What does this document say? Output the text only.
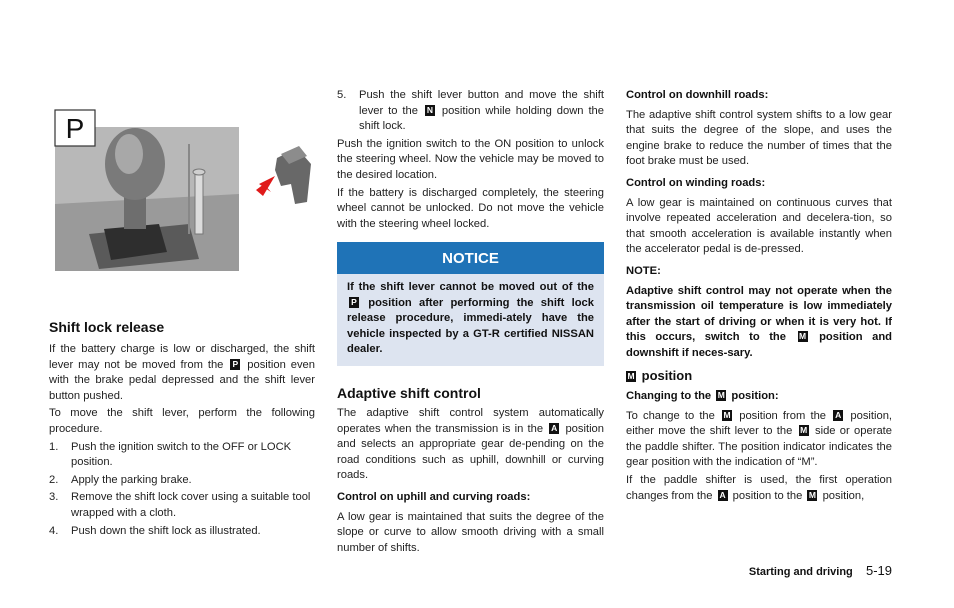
P
Shift lock release

If the battery charge is low or discharged, the shift lever may not be moved from the P position even with the brake pedal depressed and the shift lever button pushed.

To move the shift lever, perform the following procedure.

1. Push the ignition switch to the OFF or LOCK position.
2. Apply the parking brake.
3. Remove the shift lock cover using a suitable tool wrapped with a cloth.
4. Push down the shift lock as illustrated.
5. Push the shift lever button and move the shift lever to the N position while holding down the shift lock.

Push the ignition switch to the ON position to unlock the steering wheel. Now the vehicle may be moved to the desired location.

If the battery is discharged completely, the steering wheel cannot be unlocked. Do not move the vehicle with the steering wheel locked.

NOTICE

If the shift lever cannot be moved out of the P position after performing the shift lock release procedure, immedi-ately have the vehicle inspected by a GT-R certified NISSAN dealer.

Adaptive shift control

The adaptive shift control system automatically operates when the transmission is in the A position and selects an appropriate gear de-pending on the road conditions such as uphill, downhill or curving roads.

Control on uphill and curving roads:

A low gear is maintained that suits the degree of the slope or curve to allow smooth driving with a small number of shifts.

Control on downhill roads:

The adaptive shift control system shifts to a low gear that suits the degree of the slope, and uses the engine brake to reduce the number of times that the foot brake must be used.

Control on winding roads:

A low gear is maintained on continuous curves that involve repeated acceleration and decelera-tion, so that smooth acceleration is available instantly when the accelerator pedal is de-pressed.

NOTE:

Adaptive shift control may not operate when the transmission oil temperature is low immediately after the start of driving or when it is very hot. If this occurs, switch to the M position and downshift if neces-sary.

M position
Changing to the M position:

To change to the M position from the A position, either move the shift lever to the M side or operate the paddle shifter. The position indicator indicates the gear position with the indication of “M”.

If the paddle shifter is used, the first operation changes from the A position to the M position,

Starting and driving 5-19
